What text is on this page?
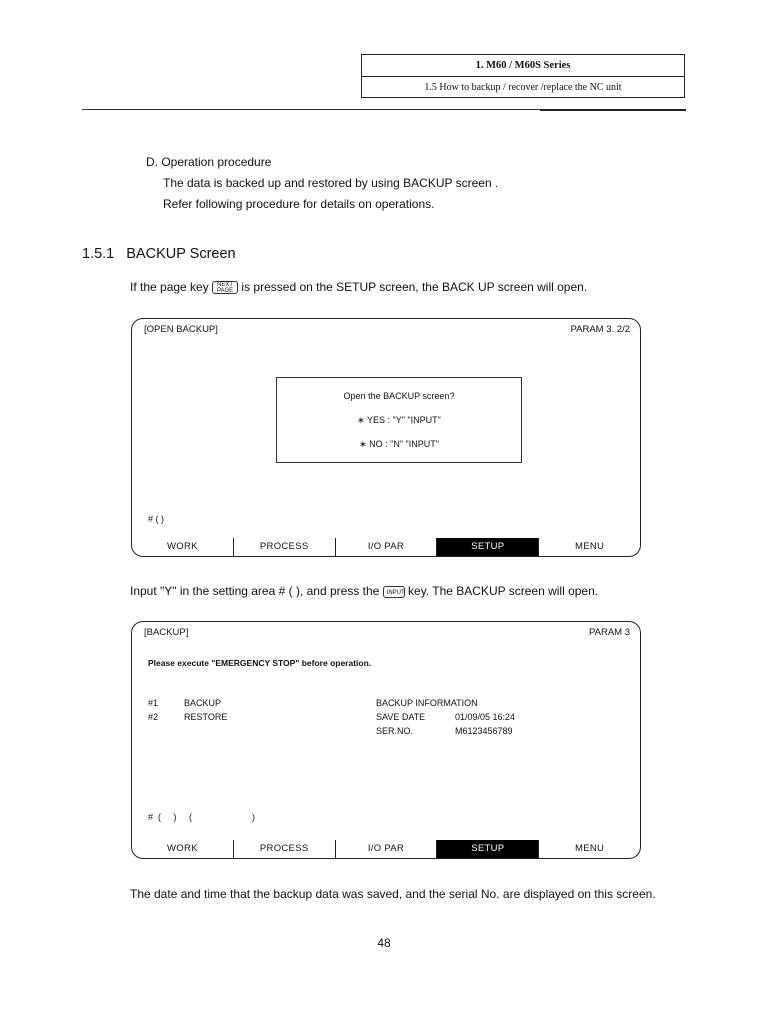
1. M60 / M60S Series
1.5 How to backup / recover /replace the NC unit
D. Operation procedure
The data is backed up and restored by using BACKUP screen .
Refer following procedure for details on operations.
1.5.1 BACKUP Screen
If the page key NEXT
PAGE is pressed on the SETUP screen, the BACK UP screen will open.
[OPEN BACKUP]	PARAM 3. 2/2
Open the BACKUP screen?
∗ YES : "Y" "INPUT"
∗ NO : "N" "INPUT"
# ( )
WORK	PROCESS	I/O PAR	SETUP	MENU
Input "Y" in the setting area # ( ), and press the INPUT key. The BACKUP screen will open.
[BACKUP]	PARAM 3
Please execute "EMERGENCY STOP" before operation.
#1	BACKUP
#2	RESTORE
BACKUP INFORMATION
SAVE DATE	01/09/05 16:24
SER.NO.	M6123456789
#  (     )     (                        )
WORK	PROCESS	I/O PAR	SETUP	MENU
The date and time that the backup data was saved, and the serial No. are displayed on this screen.
48
